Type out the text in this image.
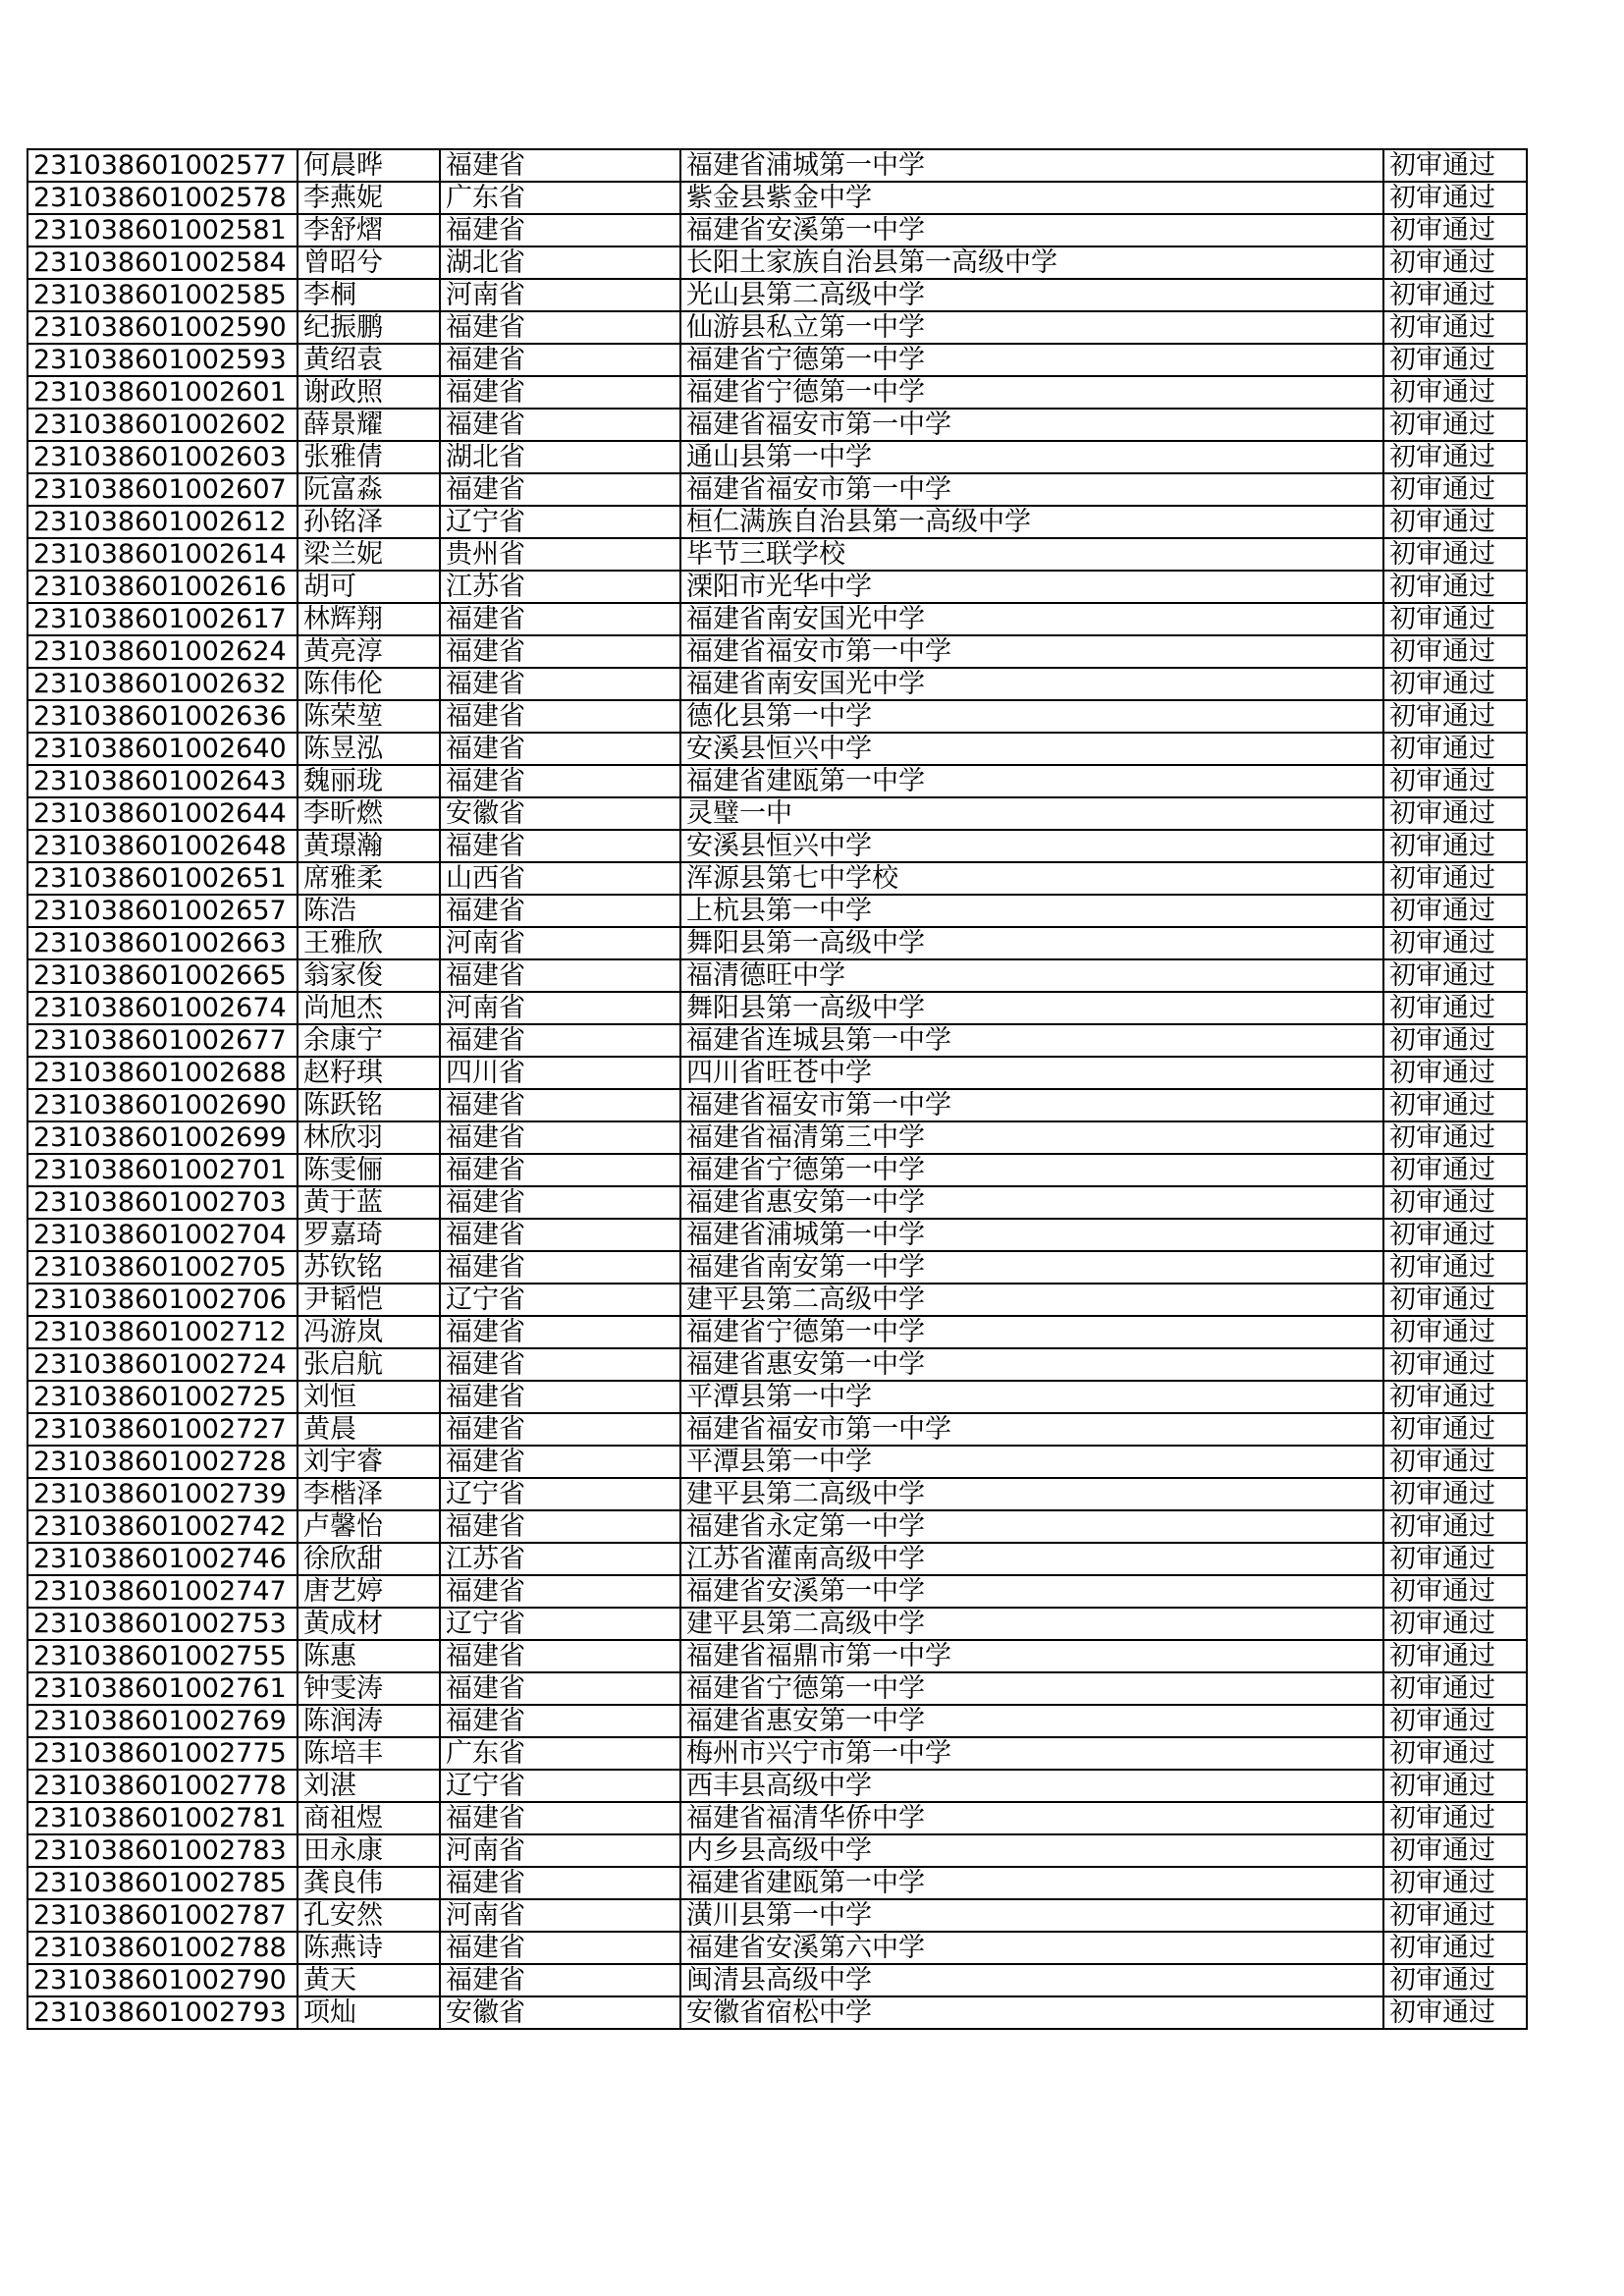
231038601002577	何晨晔	福建省	福建省浦城第一中学	初审通过
231038601002578	李燕妮	广东省	紫金县紫金中学	初审通过
231038601002581	李舒熠	福建省	福建省安溪第一中学	初审通过
231038601002584	曾昭兮	湖北省	长阳土家族自治县第一高级中学	初审通过
231038601002585	李桐	河南省	光山县第二高级中学	初审通过
231038601002590	纪振鹏	福建省	仙游县私立第一中学	初审通过
231038601002593	黄绍袁	福建省	福建省宁德第一中学	初审通过
231038601002601	谢政照	福建省	福建省宁德第一中学	初审通过
231038601002602	薛景耀	福建省	福建省福安市第一中学	初审通过
231038601002603	张雅倩	湖北省	通山县第一中学	初审通过
231038601002607	阮富淼	福建省	福建省福安市第一中学	初审通过
231038601002612	孙铭泽	辽宁省	桓仁满族自治县第一高级中学	初审通过
231038601002614	梁兰妮	贵州省	毕节三联学校	初审通过
231038601002616	胡可	江苏省	溧阳市光华中学	初审通过
231038601002617	林辉翔	福建省	福建省南安国光中学	初审通过
231038601002624	黄亮淳	福建省	福建省福安市第一中学	初审通过
231038601002632	陈伟伦	福建省	福建省南安国光中学	初审通过
231038601002636	陈荣堃	福建省	德化县第一中学	初审通过
231038601002640	陈昱泓	福建省	安溪县恒兴中学	初审通过
231038601002643	魏丽珑	福建省	福建省建瓯第一中学	初审通过
231038601002644	李昕燃	安徽省	灵璧一中	初审通过
231038601002648	黄璟瀚	福建省	安溪县恒兴中学	初审通过
231038601002651	席雅柔	山西省	浑源县第七中学校	初审通过
231038601002657	陈浩	福建省	上杭县第一中学	初审通过
231038601002663	王雅欣	河南省	舞阳县第一高级中学	初审通过
231038601002665	翁家俊	福建省	福清德旺中学	初审通过
231038601002674	尚旭杰	河南省	舞阳县第一高级中学	初审通过
231038601002677	余康宁	福建省	福建省连城县第一中学	初审通过
231038601002688	赵籽琪	四川省	四川省旺苍中学	初审通过
231038601002690	陈跃铭	福建省	福建省福安市第一中学	初审通过
231038601002699	林欣羽	福建省	福建省福清第三中学	初审通过
231038601002701	陈雯俪	福建省	福建省宁德第一中学	初审通过
231038601002703	黄于蓝	福建省	福建省惠安第一中学	初审通过
231038601002704	罗嘉琦	福建省	福建省浦城第一中学	初审通过
231038601002705	苏钦铭	福建省	福建省南安第一中学	初审通过
231038601002706	尹韬恺	辽宁省	建平县第二高级中学	初审通过
231038601002712	冯游岚	福建省	福建省宁德第一中学	初审通过
231038601002724	张启航	福建省	福建省惠安第一中学	初审通过
231038601002725	刘恒	福建省	平潭县第一中学	初审通过
231038601002727	黄晨	福建省	福建省福安市第一中学	初审通过
231038601002728	刘宇睿	福建省	平潭县第一中学	初审通过
231038601002739	李楷泽	辽宁省	建平县第二高级中学	初审通过
231038601002742	卢馨怡	福建省	福建省永定第一中学	初审通过
231038601002746	徐欣甜	江苏省	江苏省灌南高级中学	初审通过
231038601002747	唐艺婷	福建省	福建省安溪第一中学	初审通过
231038601002753	黄成材	辽宁省	建平县第二高级中学	初审通过
231038601002755	陈惠	福建省	福建省福鼎市第一中学	初审通过
231038601002761	钟雯涛	福建省	福建省宁德第一中学	初审通过
231038601002769	陈润涛	福建省	福建省惠安第一中学	初审通过
231038601002775	陈培丰	广东省	梅州市兴宁市第一中学	初审通过
231038601002778	刘湛	辽宁省	西丰县高级中学	初审通过
231038601002781	商祖煜	福建省	福建省福清华侨中学	初审通过
231038601002783	田永康	河南省	内乡县高级中学	初审通过
231038601002785	龚良伟	福建省	福建省建瓯第一中学	初审通过
231038601002787	孔安然	河南省	潢川县第一中学	初审通过
231038601002788	陈燕诗	福建省	福建省安溪第六中学	初审通过
231038601002790	黄天	福建省	闽清县高级中学	初审通过
231038601002793	项灿	安徽省	安徽省宿松中学	初审通过
